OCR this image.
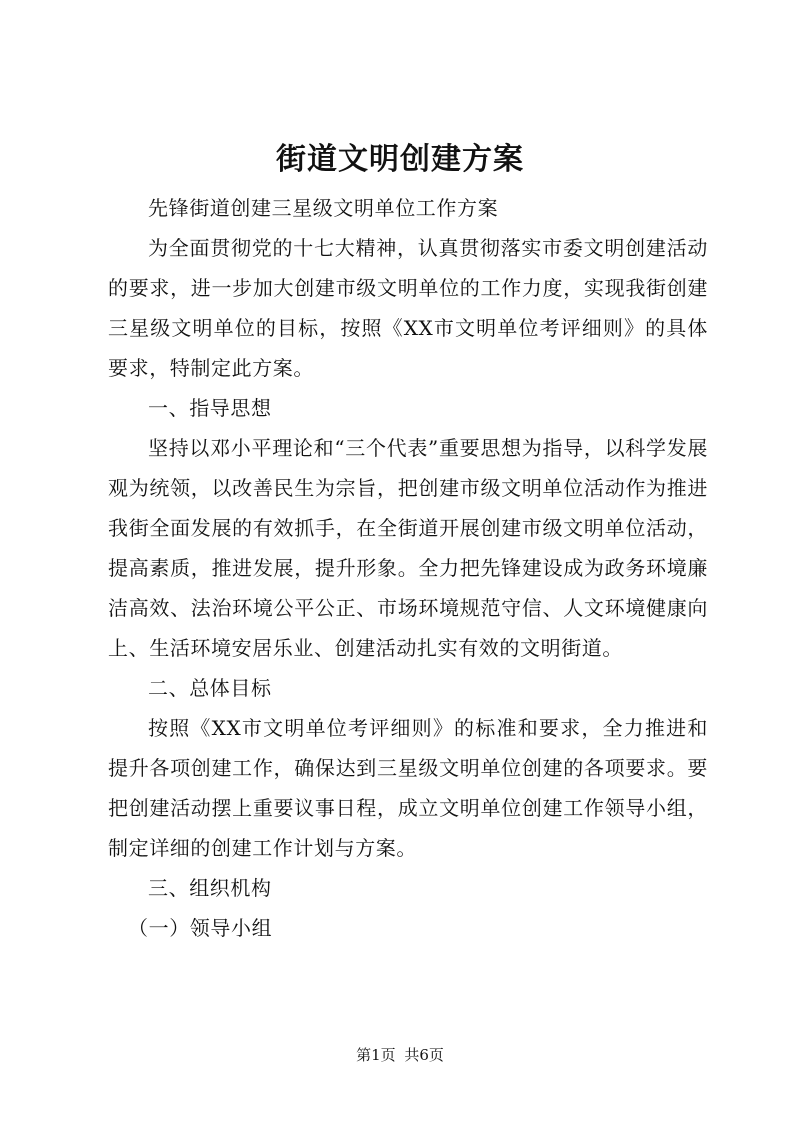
街道文明创建方案

先锋街道创建三星级文明单位工作方案

为全面贯彻党的十七大精神，认真贯彻落实市委文明创建活动的要求，进一步加大创建市级文明单位的工作力度，实现我街创建三星级文明单位的目标，按照《XX市文明单位考评细则》的具体要求，特制定此方案。

一、指导思想

坚持以邓小平理论和“三个代表”重要思想为指导，以科学发展观为统领，以改善民生为宗旨，把创建市级文明单位活动作为推进我街全面发展的有效抓手，在全街道开展创建市级文明单位活动，提高素质，推进发展，提升形象。全力把先锋建设成为政务环境廉洁高效、法治环境公平公正、市场环境规范守信、人文环境健康向上、生活环境安居乐业、创建活动扎实有效的文明街道。

二、总体目标

按照《XX市文明单位考评细则》的标准和要求，全力推进和提升各项创建工作，确保达到三星级文明单位创建的各项要求。要把创建活动摆上重要议事日程，成立文明单位创建工作领导小组，制定详细的创建工作计划与方案。

三、组织机构

（一）领导小组

第1页 共6页
